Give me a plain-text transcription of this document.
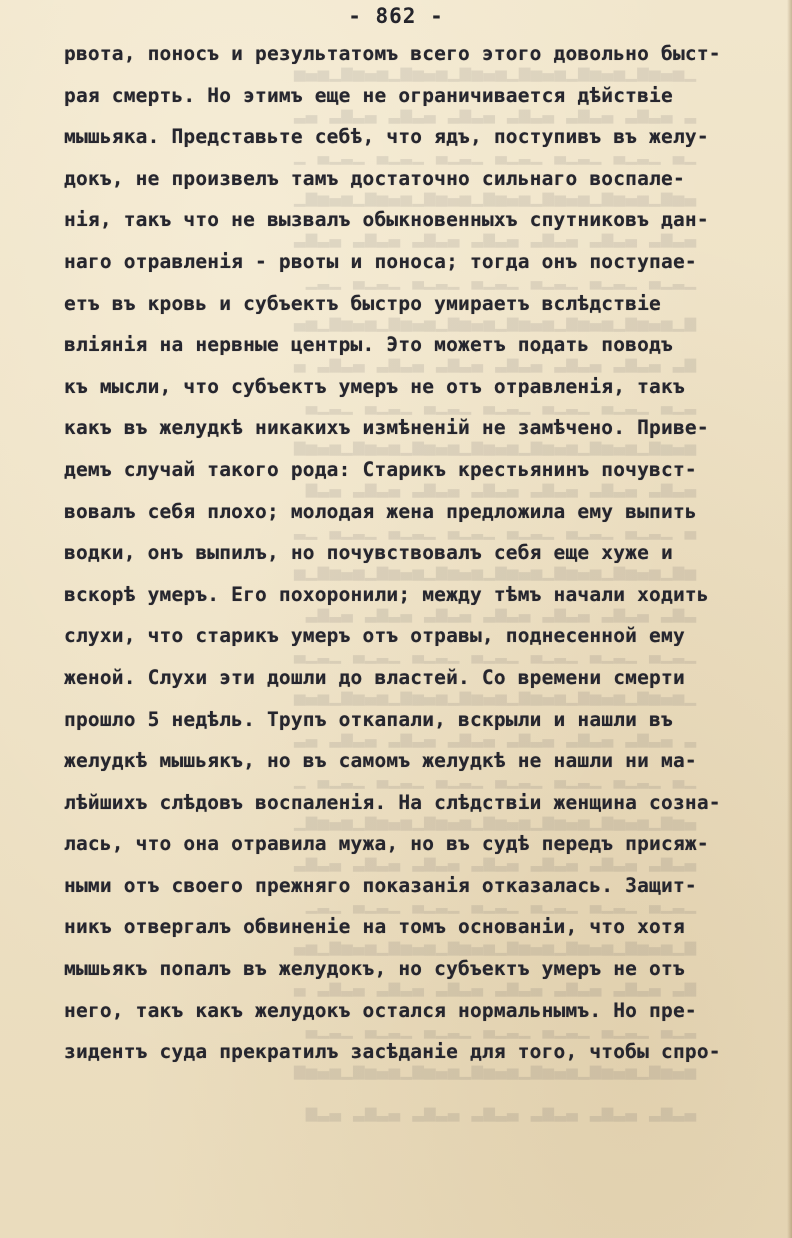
▁▄▃▄▅▁▄▃▄▅▁▄▃▄▅▁▄▃▄▅▁▄▃▄▅▁▄▃▄▅▁▄▃▄
▂ ▃▂▅▂ ▃▂▅▂ ▃▂▅▂ ▃▂▅▂ ▃▂▅▂ ▃▂▅▂ ▃▂
▁▃ ▁▂▁▃ ▁▂▁▃ ▁▂▁▃ ▁▂▁▃ ▁▂▁▃ ▁▂▁▃ ▁
▃▄▅▁▄▃▄▅▁▄▃▄▅▁▄▃▄▅▁▄▃▄▅▁▄▃▄▅▁▄▃▄▅▁
▃▂▅▂ ▃▂▅▂ ▃▂▅▂ ▃▂▅▂ ▃▂▅▂ ▃▂▅▂ ▃▂▅▂
▁▂▁▃ ▁▂▁▃ ▁▂▁▃ ▁▂▁▃ ▁▂▁▃ ▁▂▁▃ ▁▂▁
▅▁▄▃▄▅▁▄▃▄▅▁▄▃▄▅▁▄▃▄▅▁▄▃▄▅▁▄▃▄▅▁▄▃
▅▂ ▃▂▅▂ ▃▂▅▂ ▃▂▅▂ ▃▂▅▂ ▃▂▅▂ ▃▂▅▂ ▃
▂▁▃ ▁▂▁▃ ▁▂▁▃ ▁▂▁▃ ▁▂▁▃ ▁▂▁▃ ▁▂▁▃
▄▃▄▅▁▄▃▄▅▁▄▃▄▅▁▄▃▄▅▁▄▃▄▅▁▄▃▄▅▁▄▃▄▅
▃▂▅▂ ▃▂▅▂ ▃▂▅▂ ▃▂▅▂ ▃▂▅▂ ▃▂▅▂ ▃▂▅
▃ ▁▂▁▃ ▁▂▁▃ ▁▂▁▃ ▁▂▁▃ ▁▂▁▃ ▁▂▁▃ ▁▂
▄▅▁▄▃▄▅▁▄▃▄▅▁▄▃▄▅▁▄▃▄▅▁▄▃▄▅▁▄▃▄▅▁▄
▂▅▂ ▃▂▅▂ ▃▂▅▂ ▃▂▅▂ ▃▂▅▂ ▃▂▅▂ ▃▂▅▂
▁▂▁▃ ▁▂▁▃ ▁▂▁▃ ▁▂▁▃ ▁▂▁▃ ▁▂▁▃ ▁▂▁▃
▁▄▃▄▅▁▄▃▄▅▁▄▃▄▅▁▄▃▄▅▁▄▃▄▅▁▄▃▄▅▁▄▃▄
▂ ▃▂▅▂ ▃▂▅▂ ▃▂▅▂ ▃▂▅▂ ▃▂▅▂ ▃▂▅▂ ▃▂
▁▃ ▁▂▁▃ ▁▂▁▃ ▁▂▁▃ ▁▂▁▃ ▁▂▁▃ ▁▂▁▃ ▁
▃▄▅▁▄▃▄▅▁▄▃▄▅▁▄▃▄▅▁▄▃▄▅▁▄▃▄▅▁▄▃▄▅▁
▃▂▅▂ ▃▂▅▂ ▃▂▅▂ ▃▂▅▂ ▃▂▅▂ ▃▂▅▂ ▃▂▅▂
▁▂▁▃ ▁▂▁▃ ▁▂▁▃ ▁▂▁▃ ▁▂▁▃ ▁▂▁▃ ▁▂▁
▅▁▄▃▄▅▁▄▃▄▅▁▄▃▄▅▁▄▃▄▅▁▄▃▄▅▁▄▃▄▅▁▄▃
▅▂ ▃▂▅▂ ▃▂▅▂ ▃▂▅▂ ▃▂▅▂ ▃▂▅▂ ▃▂▅▂ ▃
▂▁▃ ▁▂▁▃ ▁▂▁▃ ▁▂▁▃ ▁▂▁▃ ▁▂▁▃ ▁▂▁▃
▄▃▄▅▁▄▃▄▅▁▄▃▄▅▁▄▃▄▅▁▄▃▄▅▁▄▃▄▅▁▄▃▄▅
▃▂▅▂ ▃▂▅▂ ▃▂▅▂ ▃▂▅▂ ▃▂▅▂ ▃▂▅▂ ▃▂▅
- 862 -
рвота, поносъ и результатомъ всего этого довольно быст-
рая смерть. Но этимъ еще не ограничивается дѣйствіе
мышьяка. Представьте себѣ, что ядъ, поступивъ въ желу-
докъ, не произвелъ тамъ достаточно сильнаго воспале-
нія, такъ что не вызвалъ обыкновенныхъ спутниковъ дан-
наго отравленія - рвоты и поноса; тогда онъ поступае-
етъ въ кровь и субъектъ быстро умираетъ вслѣдствіе
вліянія на нервные центры. Это можетъ подать поводъ
къ мысли, что субъектъ умеръ не отъ отравленія, такъ
какъ въ желудкѣ никакихъ измѣненій не замѣчено. Приве-
демъ случай такого рода: Старикъ крестьянинъ почувст-
вовалъ себя плохо; молодая жена предложила ему выпить
водки, онъ выпилъ, но почувствовалъ себя еще хуже и
вскорѣ умеръ. Его похоронили; между тѣмъ начали ходить
слухи, что старикъ умеръ отъ отравы, поднесенной ему
женой. Слухи эти дошли до властей. Со времени смерти
прошло 5 недѣль. Трупъ откапали, вскрыли и нашли въ
желудкѣ мышьякъ, но въ самомъ желудкѣ не нашли ни ма-
лѣйшихъ слѣдовъ воспаленія. На слѣдствіи женщина созна-
лась, что она отравила мужа, но въ судѣ передъ присяж-
ными отъ своего прежняго показанія отказалась. Защит-
никъ отвергалъ обвиненіе на томъ основаніи, что хотя
мышьякъ попалъ въ желудокъ, но субъектъ умеръ не отъ
него, такъ какъ желудокъ остался нормальнымъ. Но пре-
зидентъ суда прекратилъ засѣданіе для того, чтобы спро-
